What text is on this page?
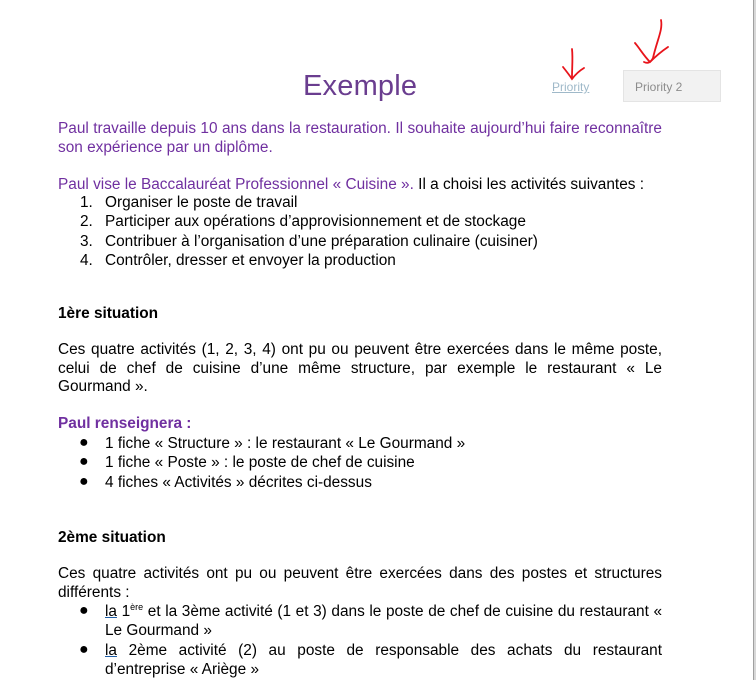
Exemple	Priority	Priority 2
Paul travaille depuis 10 ans dans la restauration. Il souhaite aujourd’hui faire reconnaître son expérience par un diplôme.
Paul vise le Baccalauréat Professionnel « Cuisine ». Il a choisi les activités suivantes :
1. Organiser le poste de travail
2. Participer aux opérations d’approvisionnement et de stockage
3. Contribuer à l’organisation d’une préparation culinaire (cuisiner)
4. Contrôler, dresser et envoyer la production
1ère situation
Ces quatre activités (1, 2, 3, 4) ont pu ou peuvent être exercées dans le même poste, celui de chef de cuisine d’une même structure, par exemple le restaurant « Le Gourmand ».
Paul renseignera :
● 1 fiche « Structure » : le restaurant « Le Gourmand »
● 1 fiche « Poste » : le poste de chef de cuisine
● 4 fiches « Activités » décrites ci-dessus
2ème situation
Ces quatre activités ont pu ou peuvent être exercées dans des postes et structures différents :
● la 1ère et la 3ème activité (1 et 3) dans le poste de chef de cuisine du restaurant « Le Gourmand »
● la 2ème activité (2) au poste de responsable des achats du restaurant d’entreprise « Ariège »
